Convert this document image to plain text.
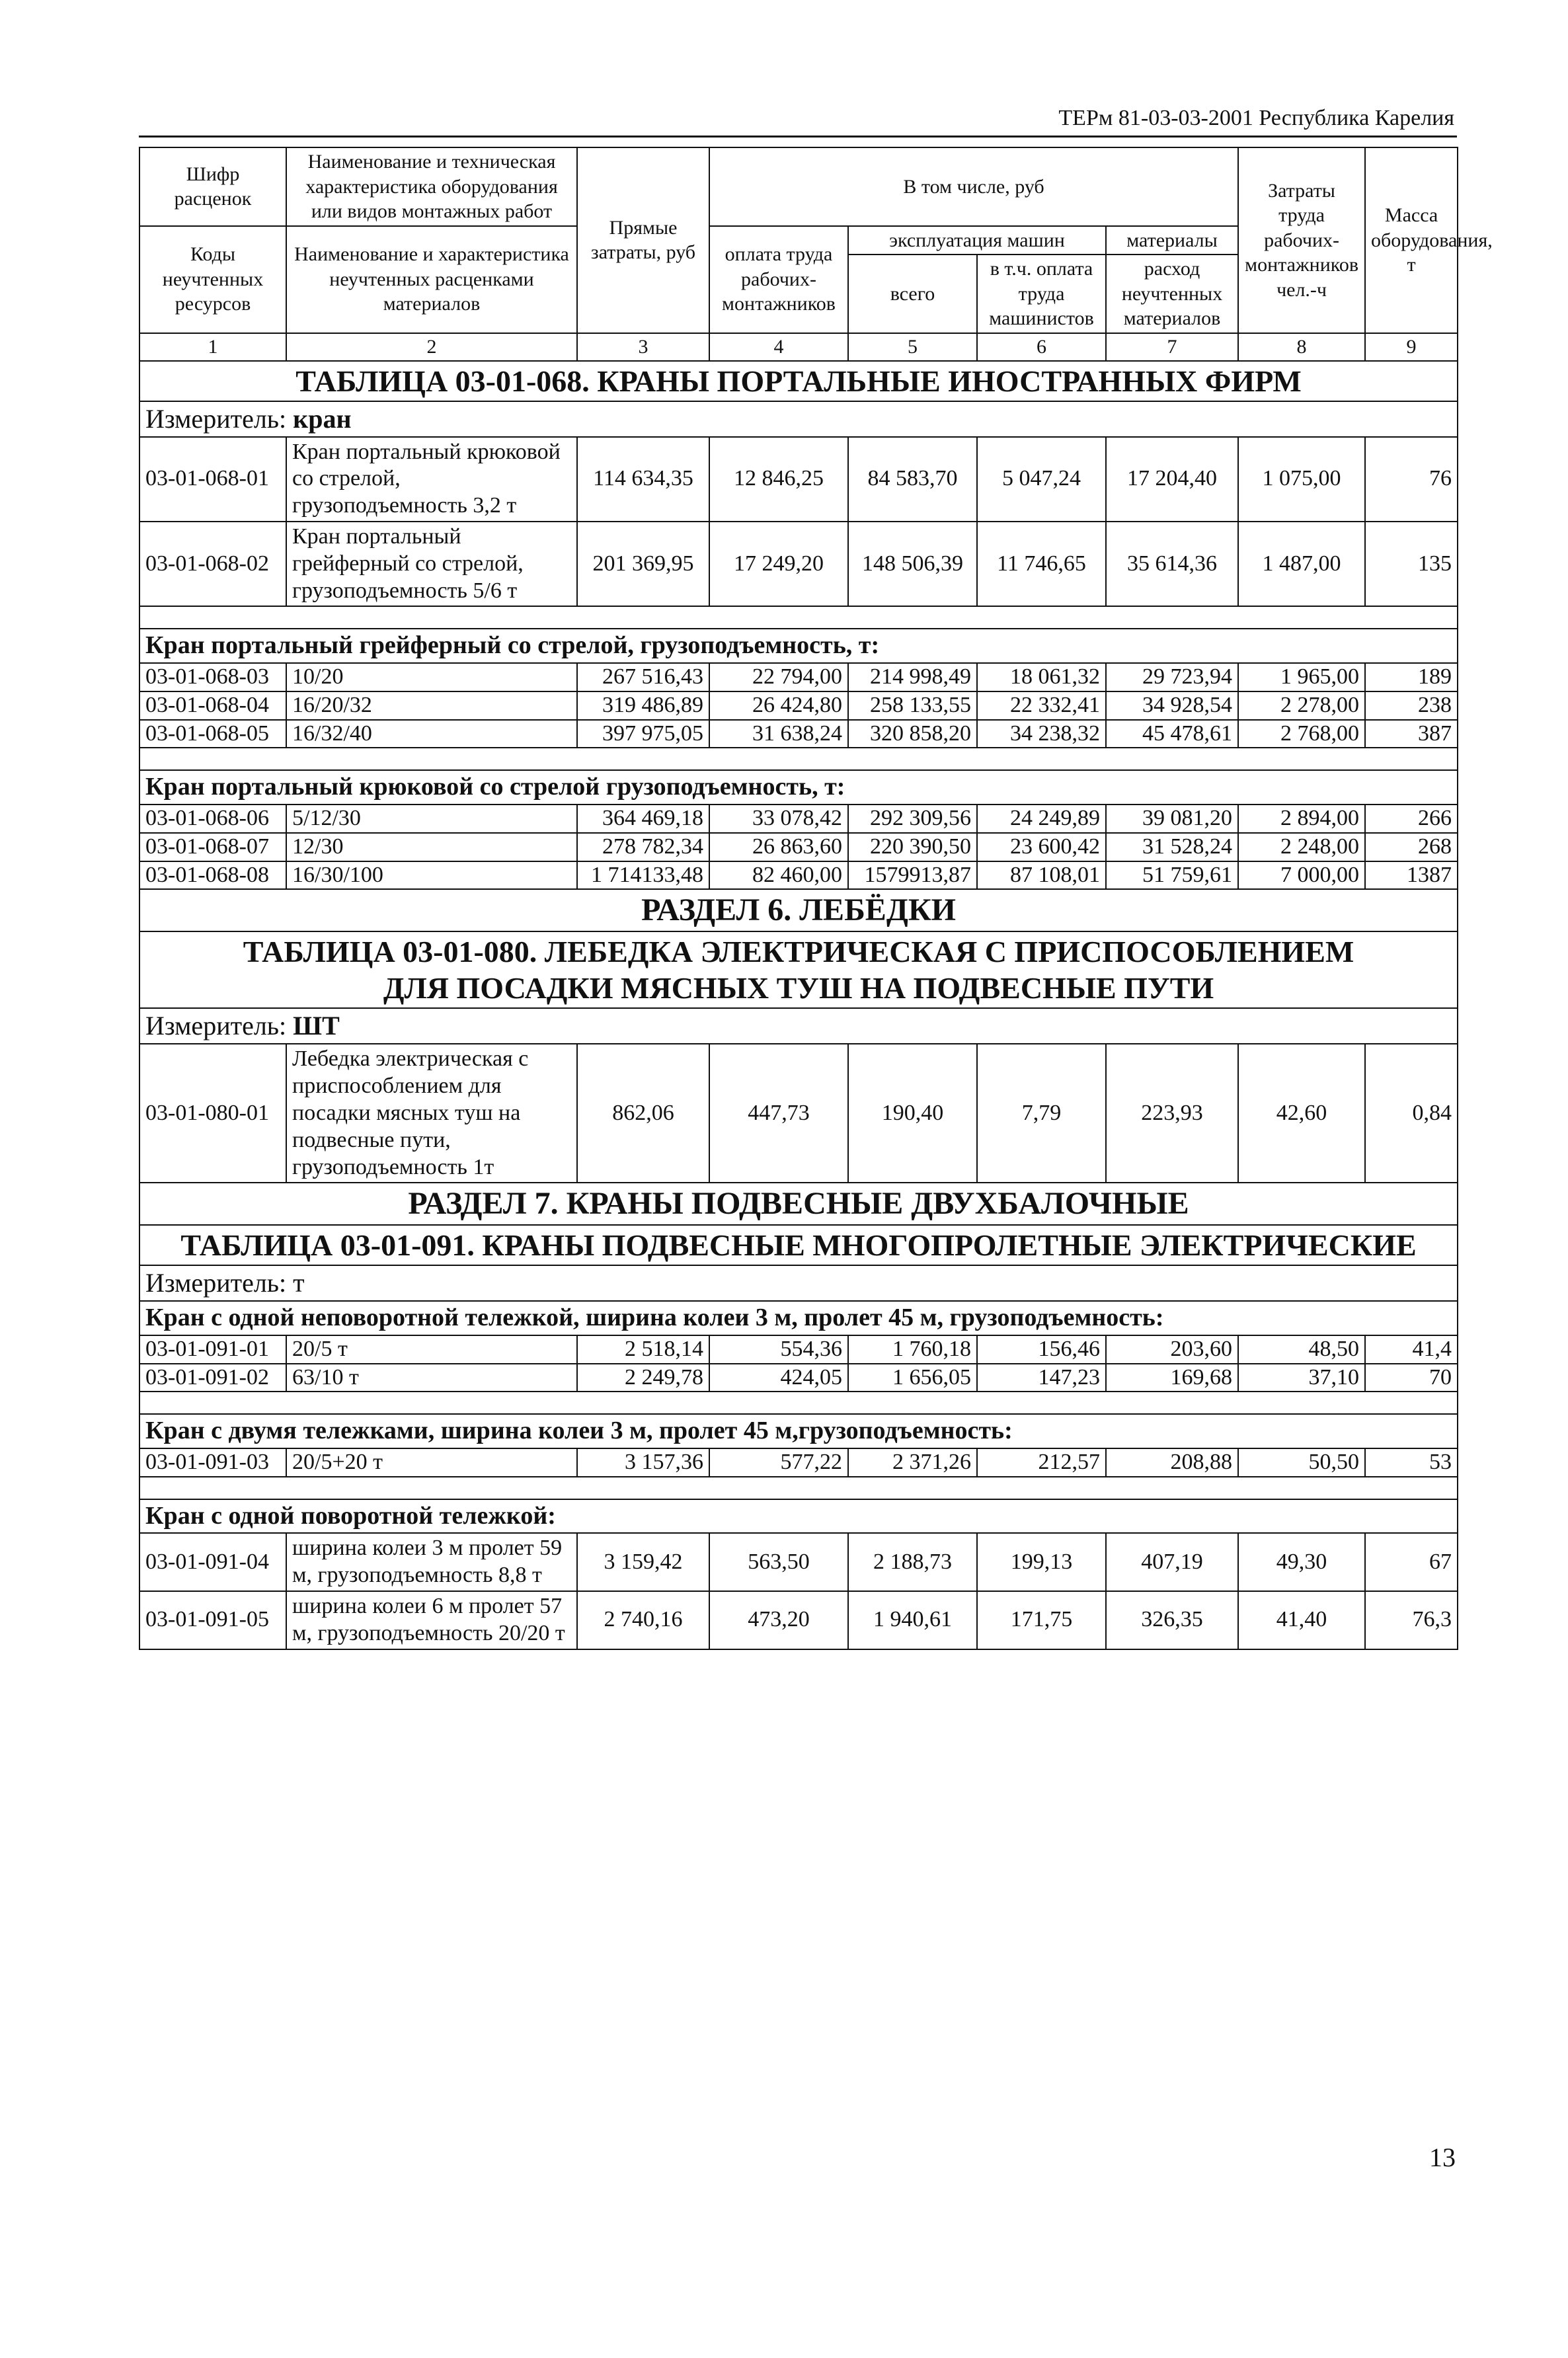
ТЕРм 81-03-03-2001 Республика Карелия
Шифр расценок	Наименование и техническая характеристика оборудования или видов монтажных работ	Прямые затраты, руб	В том числе, руб				Затраты труда рабочих-монтажников чел.-ч	Масса оборудования, т
Коды неучтенных ресурсов	Наименование и характеристика неучтенных расценками материалов		оплата труда рабочих-монтажников	эксплуатация машин		материалы		
				всего	в т.ч. оплата труда машинистов	расход неучтенных материалов		
1	2	3	4	5	6	7	8	9
ТАБЛИЦА 03-01-068. КРАНЫ ПОРТАЛЬНЫЕ ИНОСТРАННЫХ ФИРМ								
Измеритель: кран								
03-01-068-01	Кран портальный крюковой со стрелой, грузоподъемность 3,2 т	114 634,35	12 846,25	84 583,70	5 047,24	17 204,40	1 075,00	76
03-01-068-02	Кран портальный грейферный со стрелой, грузоподъемность 5/6 т	201 369,95	17 249,20	148 506,39	11 746,65	35 614,36	1 487,00	135

Кран портальный грейферный со стрелой, грузоподъемность, т:								
03-01-068-03	10/20	267 516,43	22 794,00	214 998,49	18 061,32	29 723,94	1 965,00	189
03-01-068-04	16/20/32	319 486,89	26 424,80	258 133,55	22 332,41	34 928,54	2 278,00	238
03-01-068-05	16/32/40	397 975,05	31 638,24	320 858,20	34 238,32	45 478,61	2 768,00	387

Кран портальный крюковой со стрелой грузоподъемность, т:								
03-01-068-06	5/12/30	364 469,18	33 078,42	292 309,56	24 249,89	39 081,20	2 894,00	266
03-01-068-07	12/30	278 782,34	26 863,60	220 390,50	23 600,42	31 528,24	2 248,00	268
03-01-068-08	16/30/100	1 714133,48	82 460,00	1579913,87	87 108,01	51 759,61	7 000,00	1387
РАЗДЕЛ 6. ЛЕБЁДКИ								
ТАБЛИЦА 03-01-080. ЛЕБЕДКА ЭЛЕКТРИЧЕСКАЯ С ПРИСПОСОБЛЕНИЕМ ДЛЯ ПОСАДКИ МЯСНЫХ ТУШ НА ПОДВЕСНЫЕ ПУТИ								
Измеритель: ШТ								
03-01-080-01	Лебедка электрическая с приспособлением для посадки мясных туш на подвесные пути, грузоподъемность 1т	862,06	447,73	190,40	7,79	223,93	42,60	0,84
РАЗДЕЛ 7. КРАНЫ ПОДВЕСНЫЕ ДВУХБАЛОЧНЫЕ								
ТАБЛИЦА 03-01-091. КРАНЫ ПОДВЕСНЫЕ МНОГОПРОЛЕТНЫЕ ЭЛЕКТРИЧЕСКИЕ								
Измеритель: т								
Кран с одной неповоротной тележкой, ширина колеи 3 м, пролет 45 м, грузоподъемность:								
03-01-091-01	20/5 т	2 518,14	554,36	1 760,18	156,46	203,60	48,50	41,4
03-01-091-02	63/10 т	2 249,78	424,05	1 656,05	147,23	169,68	37,10	70

Кран с двумя тележками, ширина колеи 3 м, пролет 45 м,грузоподъемность:								
03-01-091-03	20/5+20 т	3 157,36	577,22	2 371,26	212,57	208,88	50,50	53

Кран с одной поворотной тележкой:								
03-01-091-04	ширина колеи 3 м пролет 59 м, грузоподъемность 8,8 т	3 159,42	563,50	2 188,73	199,13	407,19	49,30	67
03-01-091-05	ширина колеи 6 м пролет 57 м, грузоподъемность 20/20 т	2 740,16	473,20	1 940,61	171,75	326,35	41,40	76,3
13
